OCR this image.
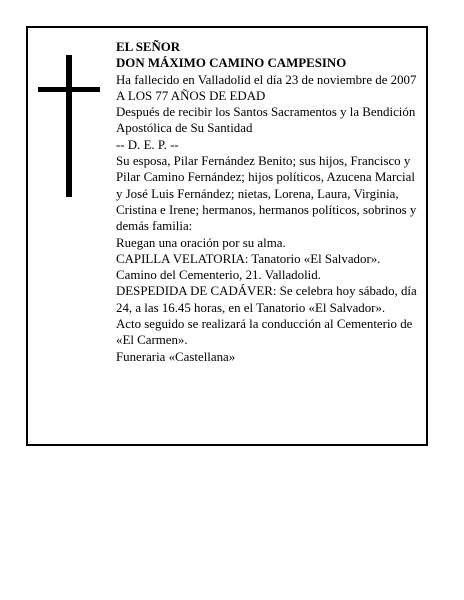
EL SEÑOR
DON MÁXIMO CAMINO CAMPESINO
Ha fallecido en Valladolid el día 23 de noviembre de 2007
A LOS 77 AÑOS DE EDAD
Después de recibir los Santos Sacramentos y la Bendición Apostólica de Su Santidad
-- D. E. P. --
Su esposa, Pilar Fernández Benito; sus hijos, Francisco y Pilar Camino Fernández; hijos políticos, Azucena Marcial y José Luis Fernández; nietas, Lorena, Laura, Virginia, Cristina e Irene; hermanos, hermanos políticos, sobrinos y demás familia:
Ruegan una oración por su alma.
CAPILLA VELATORIA: Tanatorio «El Salvador».
Camino del Cementerio, 21. Valladolid.
DESPEDIDA DE CADÁVER: Se celebra hoy sábado, día 24, a las 16.45 horas, en el Tanatorio «El Salvador».
Acto seguido se realizará la conducción al Cementerio de «El Carmen».
Funeraria «Castellana»
